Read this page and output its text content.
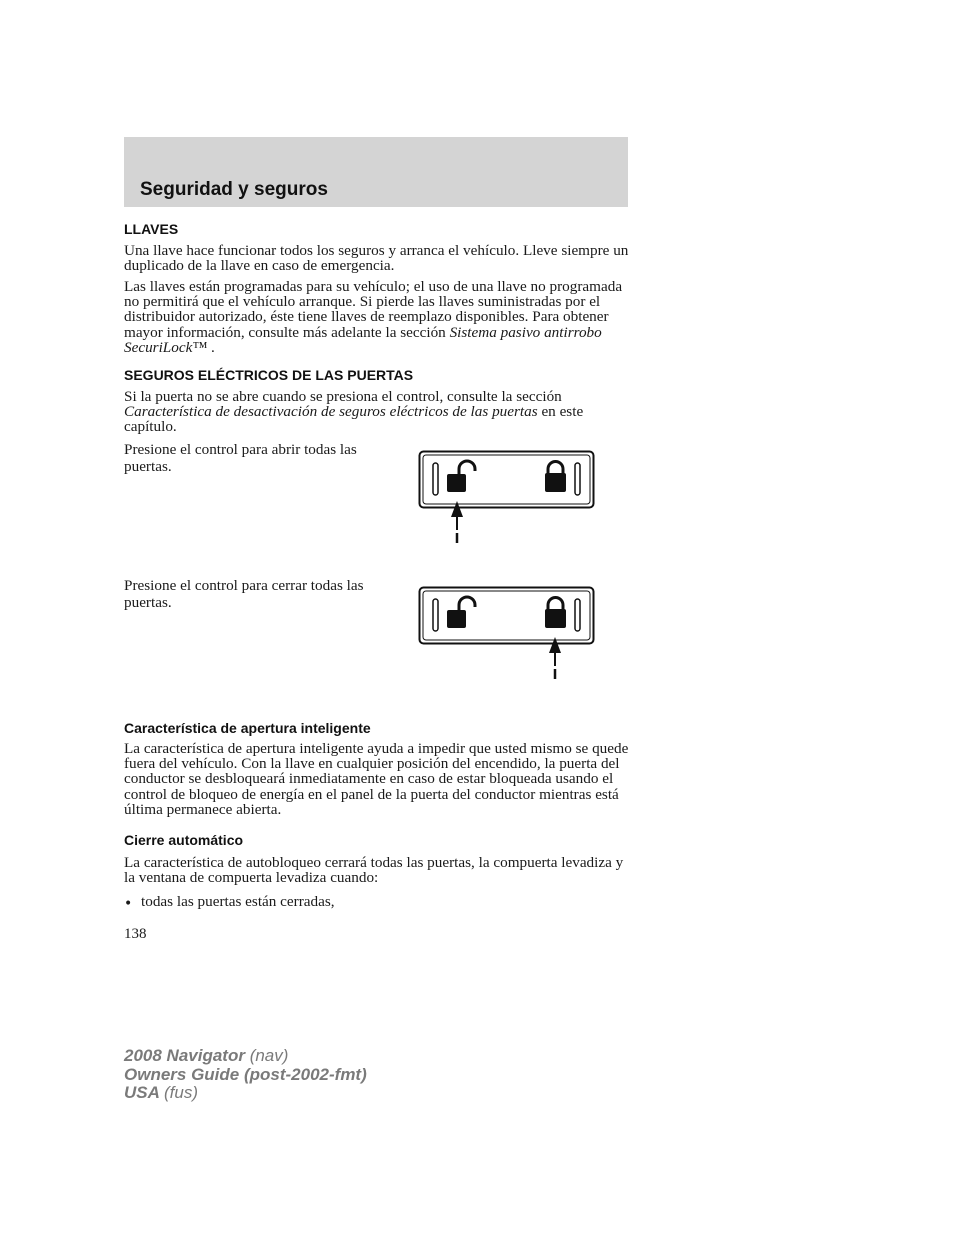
Seguridad y seguros
LLAVES

Una llave hace funcionar todos los seguros y arranca el vehículo. Lleve siempre un duplicado de la llave en caso de emergencia.

Las llaves están programadas para su vehículo; el uso de una llave no programada no permitirá que el vehículo arranque. Si pierde las llaves suministradas por el distribuidor autorizado, éste tiene llaves de reemplazo disponibles. Para obtener mayor información, consulte más adelante la sección Sistema pasivo antirrobo SecuriLock™ .

SEGUROS ELÉCTRICOS DE LAS PUERTAS

Si la puerta no se abre cuando se presiona el control, consulte la sección Característica de desactivación de seguros eléctricos de las puertas en este capítulo.

Presione el control para abrir todas las puertas.

Presione el control para cerrar todas las puertas.

Característica de apertura inteligente

La característica de apertura inteligente ayuda a impedir que usted mismo se quede fuera del vehículo. Con la llave en cualquier posición del encendido, la puerta del conductor se desbloqueará inmediatamente en caso de estar bloqueada usando el control de bloqueo de energía en el panel de la puerta del conductor mientras está última permanece abierta.

Cierre automático

La característica de autobloqueo cerrará todas las puertas, la compuerta levadiza y la ventana de compuerta levadiza cuando:

• todas las puertas están cerradas,

138
2008 Navigator (nav)
Owners Guide (post-2002-fmt)
USA (fus)
